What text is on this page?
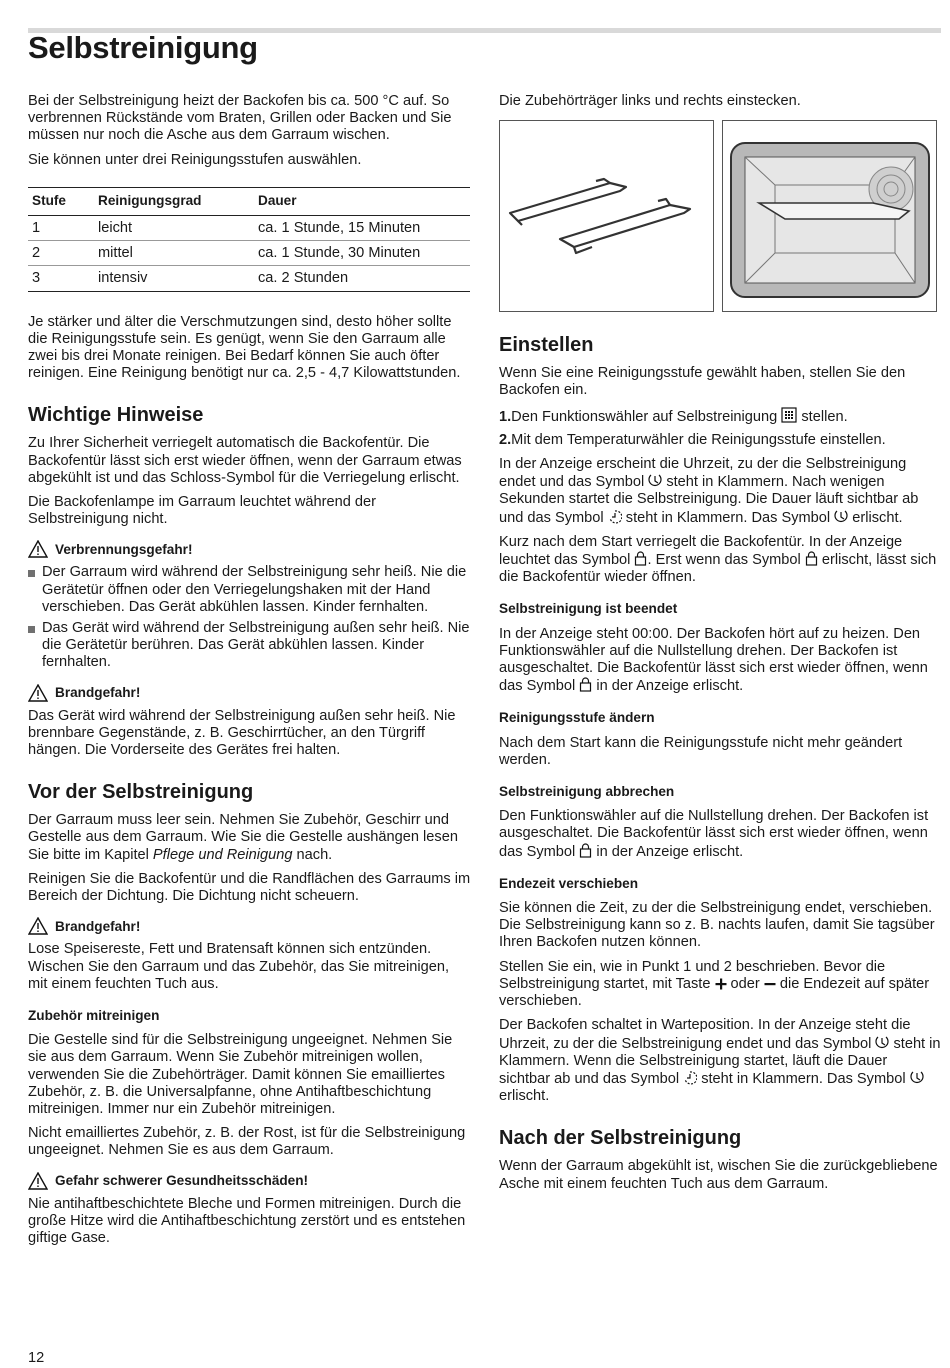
Selbstreinigung

Bei der Selbstreinigung heizt der Backofen bis ca. 500 °C auf. So verbrennen Rückstände vom Braten, Grillen oder Backen und Sie müssen nur noch die Asche aus dem Garraum wischen.

Sie können unter drei Reinigungsstufen auswählen.

Stufe	Reinigungsgrad	Dauer
1	leicht	ca. 1 Stunde, 15 Minuten
2	mittel	ca. 1 Stunde, 30 Minuten
3	intensiv	ca. 2 Stunden

Je stärker und älter die Verschmutzungen sind, desto höher sollte die Reinigungsstufe sein. Es genügt, wenn Sie den Garraum alle zwei bis drei Monate reinigen. Bei Bedarf können Sie auch öfter reinigen. Eine Reinigung benötigt nur ca. 2,5 - 4,7 Kilowattstunden.

Wichtige Hinweise

Zu Ihrer Sicherheit verriegelt automatisch die Backofentür. Die Backofentür lässt sich erst wieder öffnen, wenn der Garraum etwas abgekühlt ist und das Schloss-Symbol für die Verriegelung erlischt.

Die Backofenlampe im Garraum leuchtet während der Selbstreinigung nicht.

Verbrennungsgefahr!
Der Garraum wird während der Selbstreinigung sehr heiß. Nie die Gerätetür öffnen oder den Verriegelungshaken mit der Hand verschieben. Das Gerät abkühlen lassen. Kinder fernhalten.
Das Gerät wird während der Selbstreinigung außen sehr heiß. Nie die Gerätetür berühren. Das Gerät abkühlen lassen. Kinder fernhalten.
Brandgefahr!

Das Gerät wird während der Selbstreinigung außen sehr heiß. Nie brennbare Gegenstände, z. B. Geschirrtücher, an den Türgriff hängen. Die Vorderseite des Gerätes frei halten.

Vor der Selbstreinigung

Der Garraum muss leer sein. Nehmen Sie Zubehör, Geschirr und Gestelle aus dem Garraum. Wie Sie die Gestelle aushängen lesen Sie bitte im Kapitel Pflege und Reinigung nach.

Reinigen Sie die Backofentür und die Randflächen des Garraums im Bereich der Dichtung. Die Dichtung nicht scheuern.

Brandgefahr!

Lose Speisereste, Fett und Bratensaft können sich entzünden. Wischen Sie den Garraum und das Zubehör, das Sie mitreinigen, mit einem feuchten Tuch aus.

Zubehör mitreinigen

Die Gestelle sind für die Selbstreinigung ungeeignet. Nehmen Sie sie aus dem Garraum. Wenn Sie Zubehör mitreinigen wollen, verwenden Sie die Zubehörträger. Damit können Sie emailliertes Zubehör, z. B. die Universalpfanne, ohne Antihaftbeschichtung mitreinigen. Immer nur ein Zubehör mitreinigen.

Nicht emailliertes Zubehör, z. B. der Rost, ist für die Selbstreinigung ungeeignet. Nehmen Sie es aus dem Garraum.

Gefahr schwerer Gesundheitsschäden!

Nie antihaftbeschichtete Bleche und Formen mitreinigen. Durch die große Hitze wird die Antihaftbeschichtung zerstört und es entstehen giftige Gase.

Die Zubehörträger links und rechts einstecken.

Einstellen

Wenn Sie eine Reinigungsstufe gewählt haben, stellen Sie den Backofen ein.

1.Den Funktionswähler auf Selbstreinigung  stellen.
2.Mit dem Temperaturwähler die Reinigungsstufe einstellen.

In der Anzeige erscheint die Uhrzeit, zu der die Selbstreinigung endet und das Symbol  steht in Klammern. Nach wenigen Sekunden startet die Selbstreinigung. Die Dauer läuft sichtbar ab und das Symbol  steht in Klammern. Das Symbol  erlischt.

Kurz nach dem Start verriegelt die Backofentür. In der Anzeige leuchtet das Symbol . Erst wenn das Symbol  erlischt, lässt sich die Backofentür wieder öffnen.

Selbstreinigung ist beendet

In der Anzeige steht 00:00. Der Backofen hört auf zu heizen. Den Funktionswähler auf die Nullstellung drehen. Der Backofen ist ausgeschaltet. Die Backofentür lässt sich erst wieder öffnen, wenn das Symbol  in der Anzeige erlischt.

Reinigungsstufe ändern

Nach dem Start kann die Reinigungsstufe nicht mehr geändert werden.

Selbstreinigung abbrechen

Den Funktionswähler auf die Nullstellung drehen. Der Backofen ist ausgeschaltet. Die Backofentür lässt sich erst wieder öffnen, wenn das Symbol  in der Anzeige erlischt.

Endezeit verschieben

Sie können die Zeit, zu der die Selbstreinigung endet, verschieben. Die Selbstreinigung kann so z. B. nachts laufen, damit Sie tagsüber Ihren Backofen nutzen können.

Stellen Sie ein, wie in Punkt 1 und 2 beschrieben. Bevor die Selbstreinigung startet, mit Taste  oder  die Endezeit auf später verschieben.

Der Backofen schaltet in Warteposition. In der Anzeige steht die Uhrzeit, zu der die Selbstreinigung endet und das Symbol  steht in Klammern. Wenn die Selbstreinigung startet, läuft die Dauer sichtbar ab und das Symbol  steht in Klammern. Das Symbol  erlischt.

Nach der Selbstreinigung

Wenn der Garraum abgekühlt ist, wischen Sie die zurückgebliebene Asche mit einem feuchten Tuch aus dem Garraum.

12
